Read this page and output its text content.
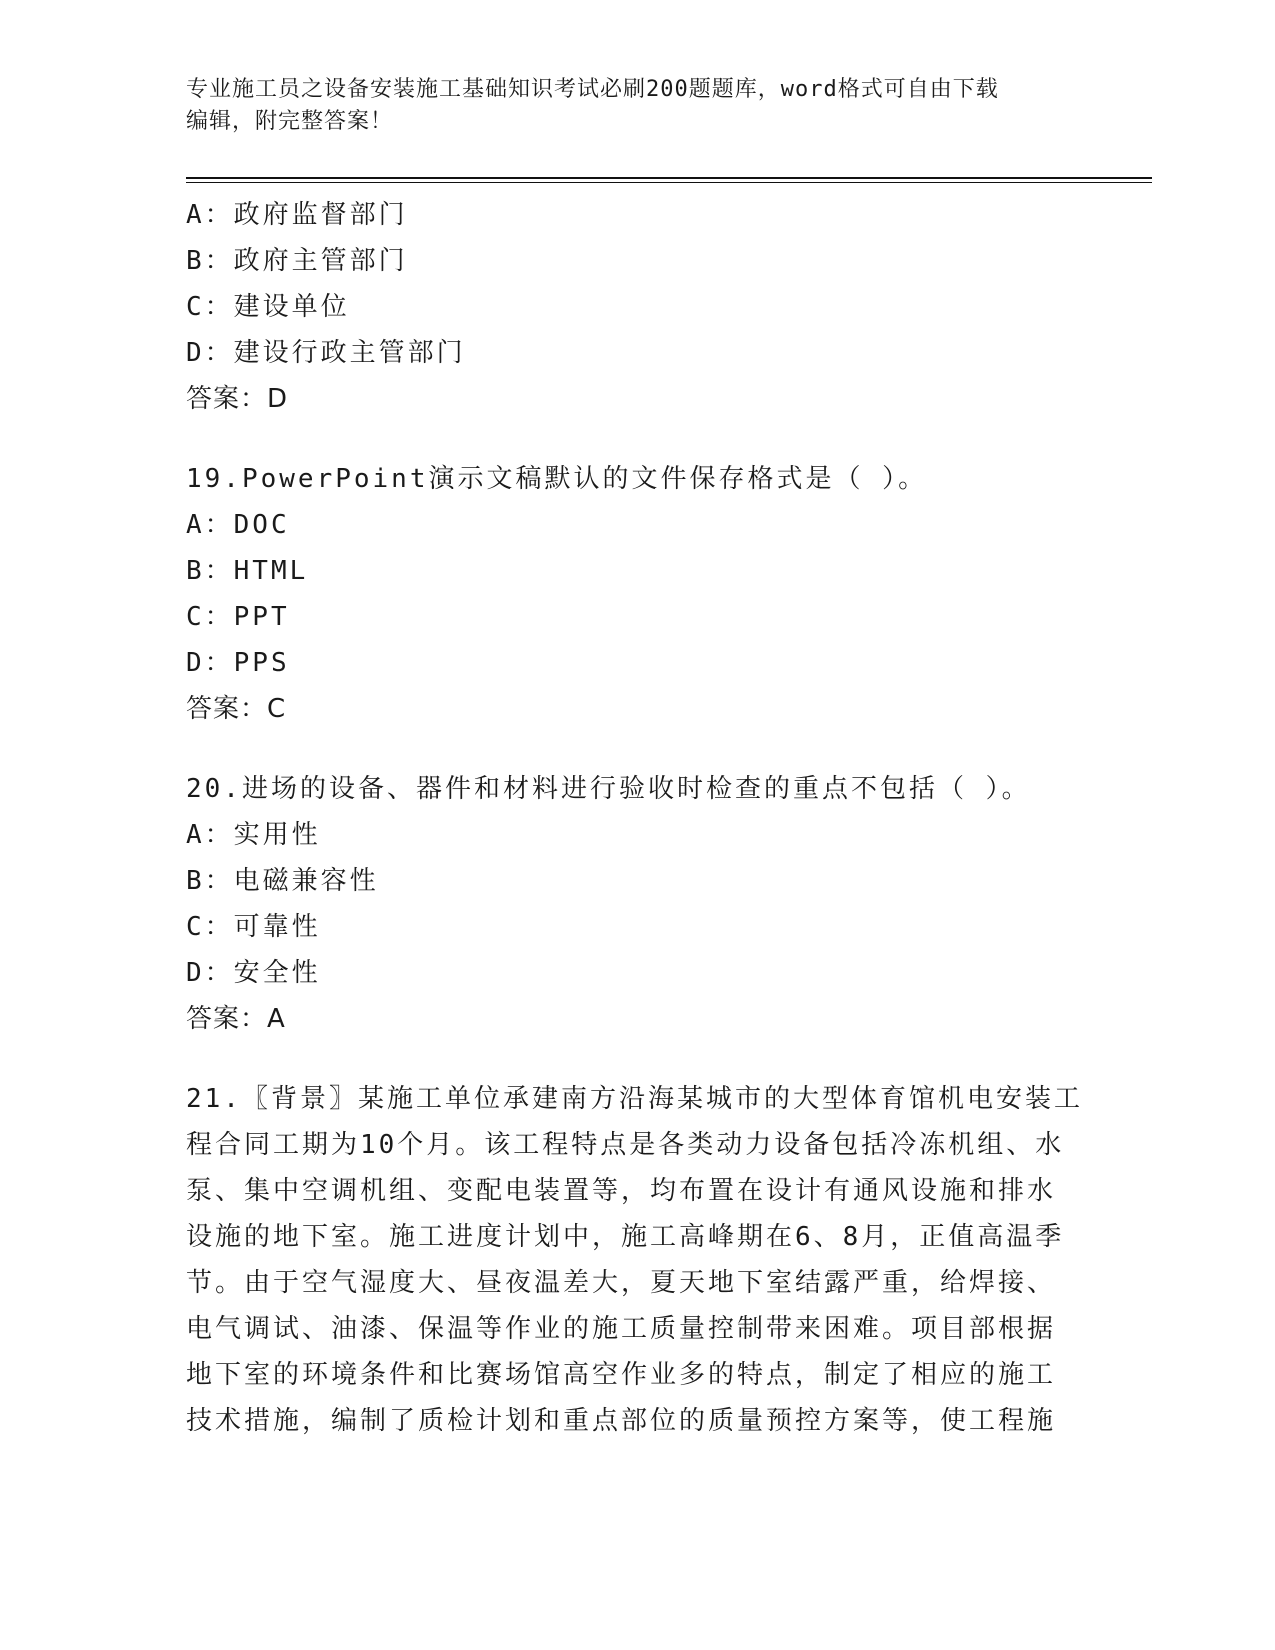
专业施工员之设备安装施工基础知识考试必刷200题题库，word格式可自由下载
编辑，附完整答案！
A：政府监督部门
B：政府主管部门
C：建设单位
D：建设行政主管部门
答案：D
19.PowerPoint演示文稿默认的文件保存格式是（ ）。
A：DOC
B：HTML
C：PPT
D：PPS
答案：C
20.进场的设备、器件和材料进行验收时检查的重点不包括（ ）。
A：实用性
B：电磁兼容性
C：可靠性
D：安全性
答案：A
21.〖背景〗某施工单位承建南方沿海某城市的大型体育馆机电安装工
程合同工期为10个月。该工程特点是各类动力设备包括冷冻机组、水
泵、集中空调机组、变配电装置等，均布置在设计有通风设施和排水
设施的地下室。施工进度计划中，施工高峰期在6、8月，正值高温季
节。由于空气湿度大、昼夜温差大，夏天地下室结露严重，给焊接、
电气调试、油漆、保温等作业的施工质量控制带来困难。项目部根据
地下室的环境条件和比赛场馆高空作业多的特点，制定了相应的施工
技术措施，编制了质检计划和重点部位的质量预控方案等，使工程施
